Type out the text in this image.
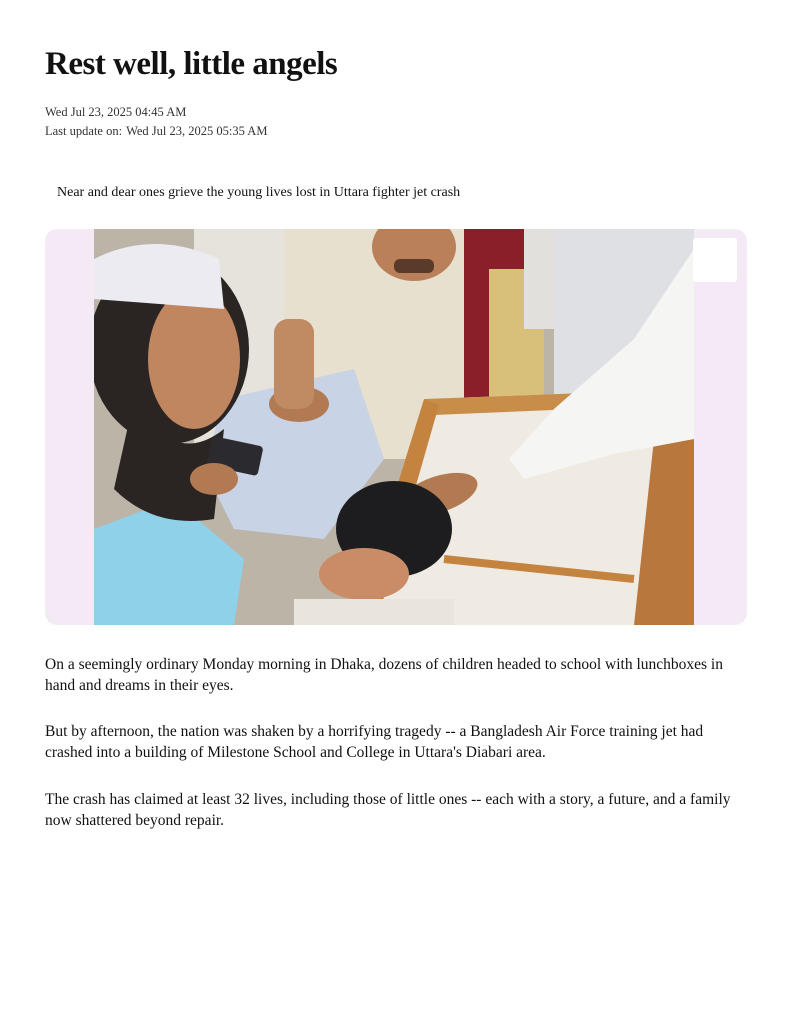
Rest well, little angels
Wed Jul 23, 2025 04:45 AM
Last update on: Wed Jul 23, 2025 05:35 AM
Near and dear ones grieve the young lives lost in Uttara fighter jet crash

On a seemingly ordinary Monday morning in Dhaka, dozens of children headed to school with lunchboxes in hand and dreams in their eyes.

But by afternoon, the nation was shaken by a horrifying tragedy -- a Bangladesh Air Force training jet had crashed into a building of Milestone School and College in Uttara's Diabari area.

The crash has claimed at least 32 lives, including those of little ones -- each with a story, a future, and a family now shattered beyond repair.
